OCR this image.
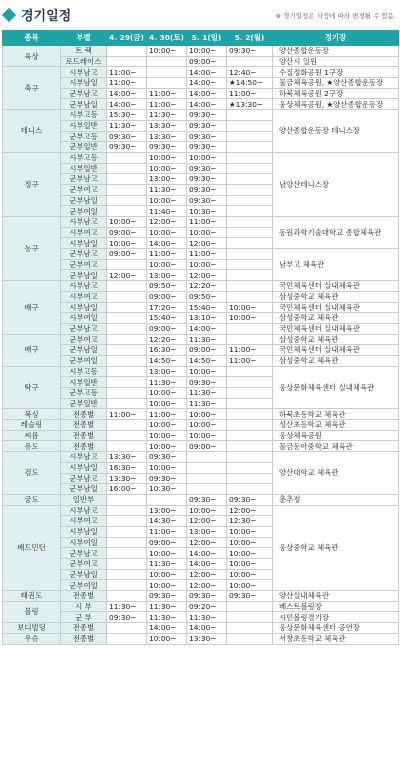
경기일정	※ 경기일정은 사정에 따라 변경될 수 있음.
종목	부별	4. 29(금)	4. 30(토)	5. 1(일)	5. 2(월)	경기장
육상	트 랙		10:00~	10:00~	09:30~	양산종합운동장
	로드레이스			09:00~		양산시 일원
축구	시부남고	11:00~		14:00~	12:40~	수질정화공원 1구장
	시부남일	11:00~		14:00~	★14:50~	물금체육공원, ★양산종합운동장
	군부남고	14:00~	11:00~	14:00~	11:00~	하북체육공원 2구장
	군부남일	14:00~	11:00~	14:00~	★13:30~	웅상체육공원, ★양산종합운동장
테니스	시부고등	15:30~	11:30~	09:30~		양산종합운동장 테니스장
	시부일반	11:30~	13:30~	09:30~		
	군부고등	09:30~	13:30~	09:30~		
	군부일반	09:30~	09:30~	09:30~		
정구	시부고등		10:00~	10:00~		남양산테니스장
	시부일반		10:00~	09:30~		
	군부남고		13:00~	09:30~		
	군부여고		11:30~	09:30~		
	군부남일		10:00~	09:30~		
	군부여일		11:40~	10:30~		
농구	시부남고	10:00~	12:00~	11:00~		동원과학기술대학교 종합체육관
	시부여고	09:00~	10:00~	10:00~		
	시부남일	10:00~	14:00~	12:00~		
	군부남고	09:00~	11:00~	11:00~		남부고 체육관
	군부여고		10:00~	10:00~		
	군부남일	12:00~	13:00~	12:00~		
배구	시부남고		09:50~	12:20~		국민체육센터 실내체육관
	시부여고		09:00~	09:50~		삼성중학교 체육관
	시부남일		17:20~	15:40~	10:00~	국민체육센터 실내체육관
	시부여일		15:40~	13:10~	10:00~	삼성중학교 체육관
	군부남고		09:00~	14:00~		국민체육센터 실내체육관
배구	군부여고		12:20~	11:30~		삼성중학교 체육관
	군부남일		16:30~	09:00~	11:00~	국민체육센터 실내체육관
	군부여일		14:50~	14:50~	11:00~	삼성중학교 체육관
탁구	시부고등		13:00~	10:00~		웅상문화체육센터 실내체육관
	시부일반		11:30~	09:30~		
	군부고등		10:00~	11:30~		
	군부일반		10:00~	11:30~		
복싱	전종별	11:00~	11:00~	10:00~		하북초등학교 체육관
레슬링	전종별		10:00~	10:00~		성산초등학교 체육관
씨름	전종별		10:00~	10:00~		웅상체육공원
유도	전종별		10:00~	09:00~		물금동아중학교 체육관
검도	시부남고	13:30~	09:30~			양산대학교 체육관
	시부남일	16:30~	10:00~			
	군부남고	13:30~	09:30~			
	군부남일	16:00~	10:30~			
궁도	일반부			09:30~	09:30~	춘추정
배드민턴	시부남고		13:00~	10:00~	12:00~	웅상중학교 체육관
	시부여고		14:30~	12:00~	12:30~	
	시부남일		11:00~	13:00~	10:00~	
	시부여일		09:00~	12:00~	10:00~	
	군부남고		10:00~	14:00~	10:00~	
	군부여고		11:30~	14:00~	10:00~	
	군부남일		10:00~	12:00~	10:00~	
	군부여일		10:00~	12:00~	10:00~	
태권도	전종별		09:30~	09:30~	09:30~	양산실내체육관
볼링	시 부	11:30~	11:30~	09:20~		베스트볼링장
	군 부	09:30~	11:30~	11:30~		시민볼링경기장
보디빌딩	전종별		14:00~	14:00~		웅상문화체육센터 공연장
우슈	전종별		10:00~	13:30~		서창초등학교 체육관
